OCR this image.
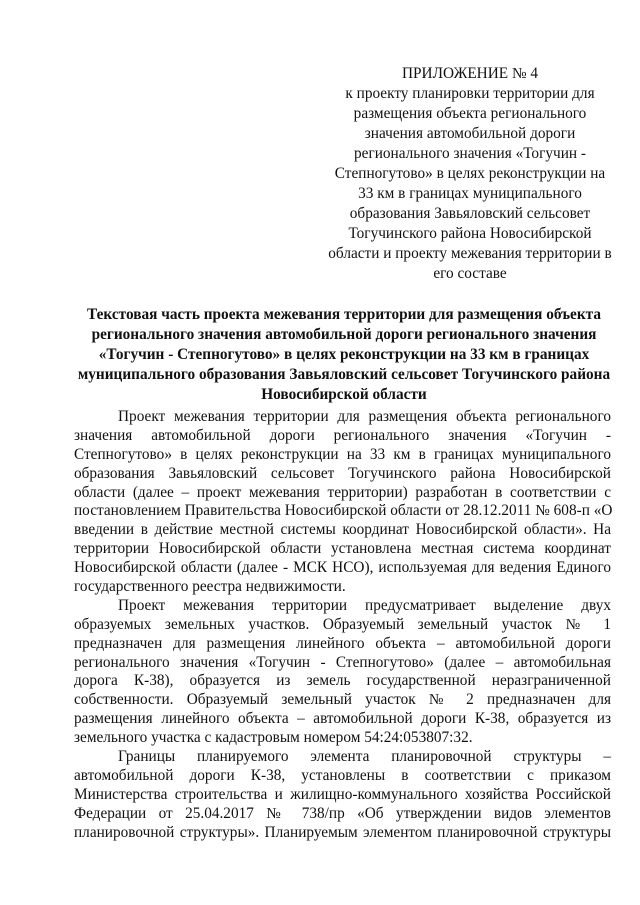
ПРИЛОЖЕНИЕ № 4
к проекту планировки территории для
размещения объекта регионального
значения автомобильной дороги
регионального значения «Тогучин -
Степногутово» в целях реконструкции на
33 км в границах муниципального
образования Завьяловский сельсовет
Тогучинского района Новосибирской
области и проекту межевания территории в
его составе
Текстовая часть проекта межевания территории для размещения объекта
регионального значения автомобильной дороги регионального значения
«Тогучин - Степногутово» в целях реконструкции на 33 км в границах
муниципального образования Завьяловский сельсовет Тогучинского района
Новосибирской области
Проект межевания территории для размещения объекта регионального
значения автомобильной дороги регионального значения «Тогучин -
Степногутово» в целях реконструкции на 33 км в границах муниципального
образования Завьяловский сельсовет Тогучинского района Новосибирской
области (далее – проект межевания территории) разработан в соответствии с
постановлением Правительства Новосибирской области от 28.12.2011 № 608-п «О
введении в действие местной системы координат Новосибирской области». На
территории Новосибирской области установлена местная система координат
Новосибирской области (далее - МСК НСО), используемая для ведения Единого
государственного реестра недвижимости.
Проект межевания территории предусматривает выделение двух
образуемых земельных участков. Образуемый земельный участок № 1
предназначен для размещения линейного объекта – автомобильной дороги
регионального значения «Тогучин - Степногутово» (далее – автомобильная
дорога К-38), образуется из земель государственной неразграниченной
собственности. Образуемый земельный участок № 2 предназначен для
размещения линейного объекта – автомобильной дороги К-38, образуется из
земельного участка с кадастровым номером 54:24:053807:32.
Границы планируемого элемента планировочной структуры –
автомобильной дороги К-38, установлены в соответствии с приказом
Министерства строительства и жилищно-коммунального хозяйства Российской
Федерации от 25.04.2017 № 738/пр «Об утверждении видов элементов
планировочной структуры». Планируемым элементом планировочной структуры
